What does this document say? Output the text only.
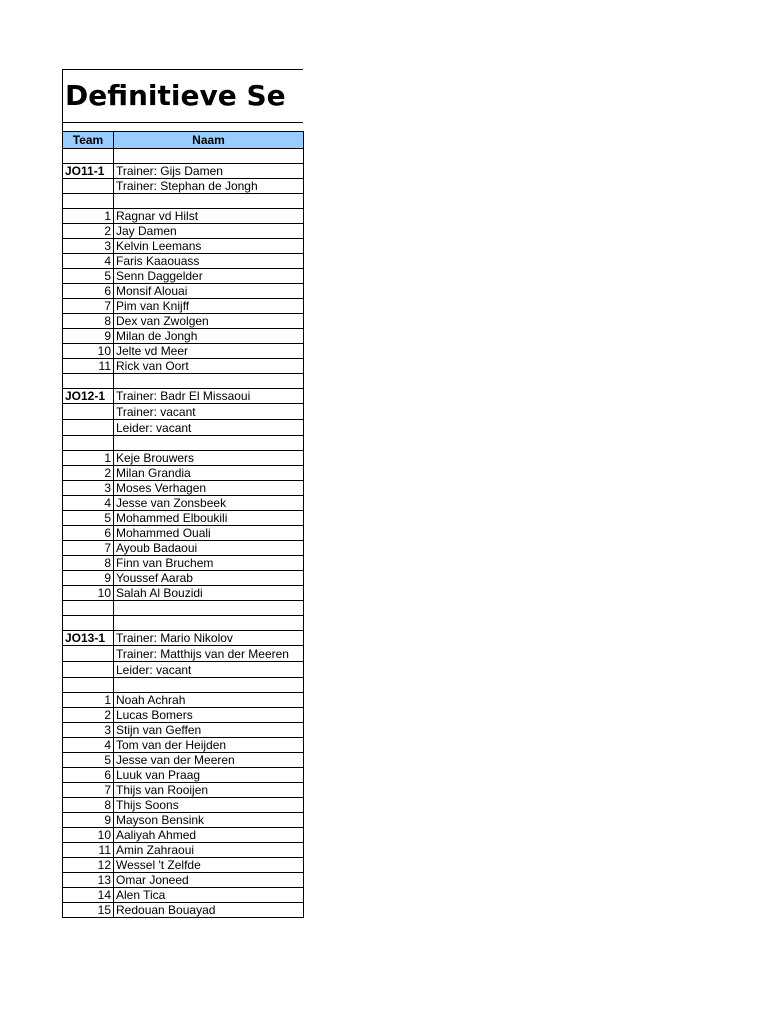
Definitieve Se
Team	Naam

JO11-1	Trainer: Gijs Damen
	Trainer: Stephan de Jongh

1	Ragnar vd Hilst
2	Jay Damen
3	Kelvin Leemans
4	Faris Kaaouass
5	Senn Daggelder
6	Monsif Alouai
7	Pim van Knijff
8	Dex van Zwolgen
9	Milan de Jongh
10	Jelte vd Meer
11	Rick van Oort

JO12-1	Trainer: Badr El Missaoui
	Trainer: vacant
	Leider: vacant

1	Keje Brouwers
2	Milan Grandia
3	Moses Verhagen
4	Jesse van Zonsbeek
5	Mohammed Elboukili
6	Mohammed Ouali
7	Ayoub Badaoui
8	Finn van Bruchem
9	Youssef Aarab
10	Salah Al Bouzidi

JO13-1	Trainer: Mario Nikolov
	Trainer: Matthijs van der Meeren
	Leider: vacant

1	Noah Achrah
2	Lucas Bomers
3	Stijn van Geffen
4	Tom van der Heijden
5	Jesse van der Meeren
6	Luuk van Praag
7	Thijs van Rooijen
8	Thijs Soons
9	Mayson Bensink
10	Aaliyah Ahmed
11	Amin Zahraoui
12	Wessel 't Zelfde
13	Omar Joneed
14	Alen Tica
15	Redouan Bouayad
